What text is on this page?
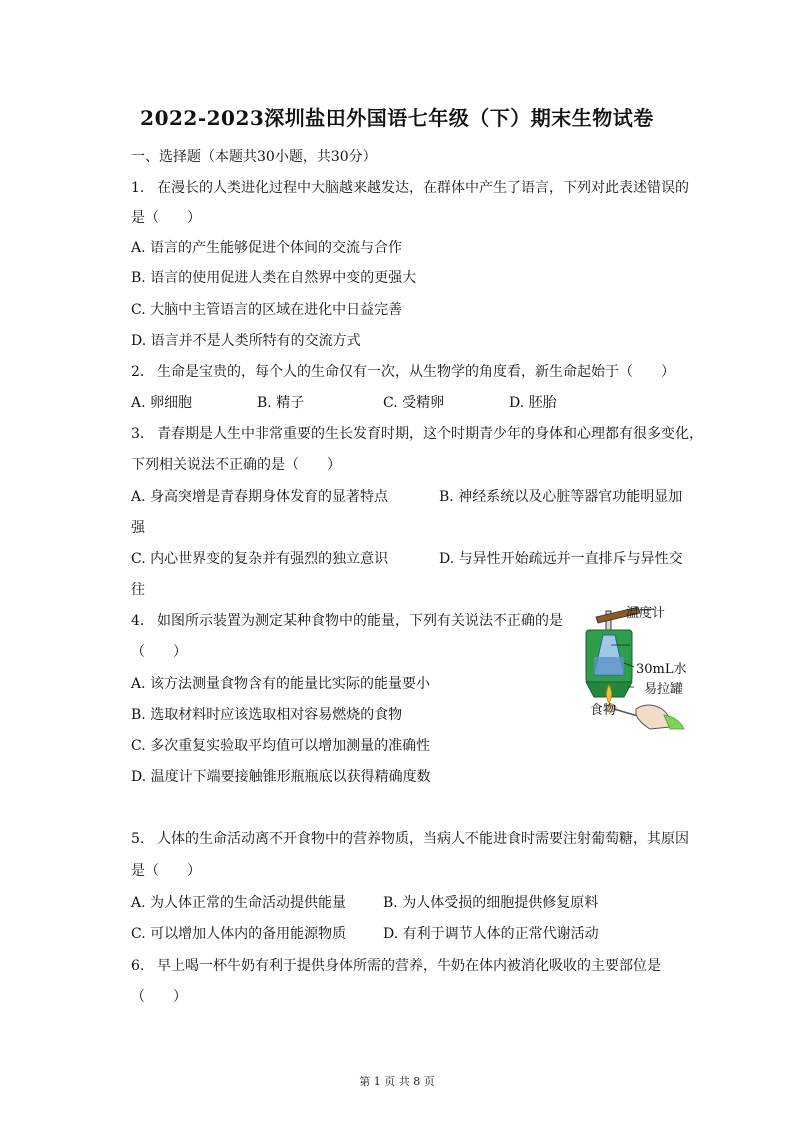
2022-2023深圳盐田外国语七年级（下）期末生物试卷
一、选择题（本题共30小题，共30分）
1. 在漫长的人类进化过程中大脑越来越发达，在群体中产生了语言，下列对此表述错误的
是（　　）
A. 语言的产生能够促进个体间的交流与合作
B. 语言的使用促进人类在自然界中变的更强大
C. 大脑中主管语言的区域在进化中日益完善
D. 语言并不是人类所特有的交流方式
2. 生命是宝贵的，每个人的生命仅有一次，从生物学的角度看，新生命起始于（　　）
A. 卵细胞	B. 精子	C. 受精卵	D. 胚胎
3. 青春期是人生中非常重要的生长发育时期，这个时期青少年的身体和心理都有很多变化，
下列相关说法不正确的是（　　）
A. 身高突增是青春期身体发育的显著特点	B. 神经系统以及心脏等器官功能明显加
强
C. 内心世界变的复杂并有强烈的独立意识	D. 与异性开始疏远并一直排斥与异性交
往
4. 如图所示装置为测定某种食物中的能量，下列有关说法不正确的是
（　　）
A. 该方法测量食物含有的能量比实际的能量要小
B. 选取材料时应该选取相对容易燃烧的食物
C. 多次重复实验取平均值可以增加测量的准确性
D. 温度计下端要接触锥形瓶瓶底以获得精确度数
温度计
30mL水
易拉罐
食物
5. 人体的生命活动离不开食物中的营养物质，当病人不能进食时需要注射葡萄糖，其原因
是（　　）
A. 为人体正常的生命活动提供能量	B. 为人体受损的细胞提供修复原料
C. 可以增加人体内的备用能源物质	D. 有利于调节人体的正常代谢活动
6. 早上喝一杯牛奶有利于提供身体所需的营养，牛奶在体内被消化吸收的主要部位是
（　　）
第 1 页 共 8 页
